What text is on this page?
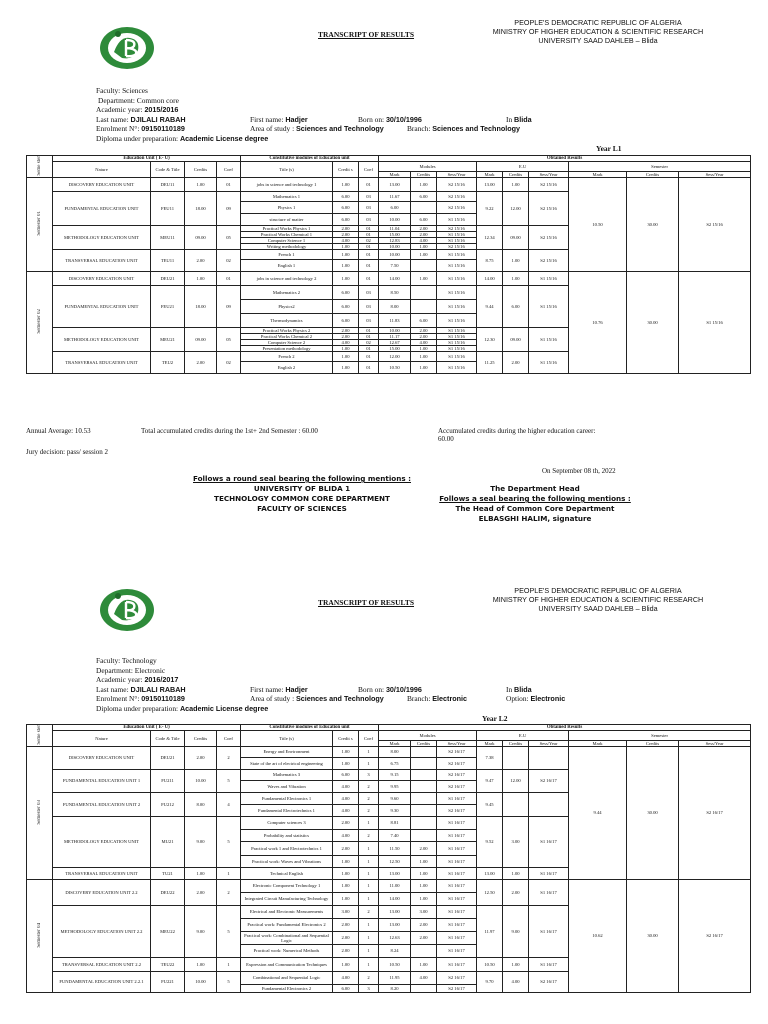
TRANSCRIPT OF RESULTS
PEOPLE'S DEMOCRATIC REPUBLIC OF ALGERIA
MINISTRY OF HIGHER EDUCATION & SCIENTIFIC RESEARCH
UNIVERSITY SAAD DAHLEB – Blida
Faculty: Sciences
Department: Common core
Academic year: 2015/2016
Last name: DJILALI RABAH	First name: Hadjer	Born on: 30/10/1996	In Blida
Enrolment N°: 09150110189	Area of study : Sciences and Technology	Branch: Sciences and Technology
Diploma under preparation: Academic License degree
Year L1
Seme ster	Education Unit ( E- U)				Constitutive modules of Education unit			Obtained Results								
	Nature	Code & Title	Credits	Coef	Title (s)	Credit s	Coef	Modules			E.U			Semester		
								Mark	Credits	Sess/Year	Mark	Credits	Sess/Year	Mark	Credits	Sess/Year
Semester 01	DISCOVERY EDUCATION UNIT	DEU11	1.00	01	jobs in science and technology 1	1.00	01	13.00	1.00	S2 15/16	13.00	1.00	S2 15/16	10.50	30.00	S2 15/16
	FUNDAMENTAL EDUCATION UNIT	FEU11	18.00	09	Mathematics 1	6.00	03	11.67	6.00	S2 15/16	9.22	12.00	S2 15/16			
					Physics 1	6.00	03	6.00		S2 15/16						
					structure of matter	6.00	03	10.00	6.00	S1 15/16						
	METHODOLOGY EDUCATION UNIT	MEU11	09.00	05	Practical Works Physics 1	2.00	01	11.04	2.00	S2 15/16	12.34	09.00	S2 15/16			
					Practical Works Chemical 1	2.00	01	15.00	2.00	S1 15/16						
					Computer Science 1	4.00	02	12.83	4.00	S1 15/16						
					Writing methodology	1.00	01	10.00	1.00	S2 15/16						
	TRANSVERSAL EDUCATION UNIT	TEU11	2.00	02	French 1	1.00	01	10.00	1.00	S1 15/16	8.75	1.00	S2 15/16			
					English 1	1.00	01	7.50		S1 15/16						
Semester 02	DISCOVERY EDUCATION UNIT	DEU21	1.00	01	jobs in science and technology 2	1.00	01	14.00	1.00	S1 15/16	14.00	1.00	S1 15/16	10.76	30.00	S1 15/16
	FUNDAMENTAL EDUCATION UNIT	FEU21	18.00	09	Mathematics 2	6.00	03	8.50		S1 15/16	9.44	6.00	S1 15/16			
					Physics2	6.00	03	8.00		S1 15/16						
					Thermodynamics	6.00	03	11.83	6.00	S1 15/16						
	METHODOLOGY EDUCATION UNIT	MEU21	09.00	05	Practical Works Physics 2	2.00	01	10.00	2.00	S1 15/16	12.30	09.00	S1 15/16			
					Practical Works Chemical 2	2.00	01	11.17	2.00	S1 15/16						
					Computer Science 2	4.00	02	12.67	4.00	S1 15/16						
					Presentation methodology	1.00	01	15.00	1.00	S1 15/16						
	TRANSVERSAL EDUCATION UNIT	TEU2	2.00	02	French 2	1.00	01	12.00	1.00	S1 15/16	11.25	2.00	S1 15/16			
					English 2	1.00	01	10.50	1.00	S1 15/16						
Annual Average: 10.53	Total accumulated credits during the 1st+ 2nd Semester : 60.00	Accumulated credits during the higher education career:
60.00
Jury decision: pass/ session 2
On September 08 th, 2022
Follows a round seal bearing the following mentions :
UNIVERSITY OF BLIDA 1
TECHNOLOGY COMMON CORE DEPARTMENT
FACULTY OF SCIENCES
The Department Head
Follows a seal bearing the following mentions :
The Head of Common Core Department
ELBASGHI HALIM, signature
TRANSCRIPT OF RESULTS
PEOPLE'S DEMOCRATIC REPUBLIC OF ALGERIA
MINISTRY OF HIGHER EDUCATION & SCIENTIFIC RESEARCH
UNIVERSITY SAAD DAHLEB – Blida
Faculty: Technology
Department: Electronic
Academic year: 2016/2017
Last name: DJILALI RABAH	First name: Hadjer	Born on: 30/10/1996	In Blida
Enrolment N°: 09150110189	Area of study : Sciences and Technology	Branch: Electronic	Option: Electronic
Diploma under preparation: Academic License degree
Year L2
Seme ster	Education Unit ( E- U)				Constitutive modules of Education unit			Obtained Results								
	Nature	Code & Title	Credits	Coef	Title (s)	Credit s	Coef	Modules			E.U			Semester		
								Mark	Credits	Sess/Year	Mark	Credits	Sess/Year	Mark	Credits	Sess/Year
Semester 03	DISCOVERY EDUCATION UNIT	DEU21	2.00	2	Energy and Environment	1.00	1	8.00		S2 16/17	7.38			9.44	30.00	S2 16/17
					State of the art of electrical engineering	1.00	1	6.75		S2 16/17						
	FUNDAMENTAL EDUCATION UNIT 1	FU211	10.00	5	Mathematics 3	6.00	3	9.15		S2 16/17	9.47	12.00	S2 16/17			
					Waves and Vibration	4.00	2	9.95		S2 16/17						
	FUNDAMENTAL EDUCATION UNIT 2	FU212	8.00	4	Fundamental Electronics 1	4.00	2	9.60		S1 16/17	9.45					
					Fundamental Electrotechnics 1	4.00	2	9.30		S2 16/17						
	METHODOLOGY EDUCATION UNIT	MU21	9.00	5	Computer sciences 3	2.00	1	8.81		S1 16/17	9.52	3.00	S1 16/17			
					Probability and statistics	4.00	2	7.40		S1 16/17						
					Practical work 1 and Electrotechnics 1	2.00	1	11.50	2.00	S1 16/17						
					Practical work: Waves and Vibrations	1.00	1	12.50	1.00	S1 16/17						
	TRANSVERSAL EDUCATION UNIT	TU21	1.00	1	Technical English	1.00	1	13.00	1.00	S1 16/17	13.00	1.00	S1 16/17			
Semester 04	DISCOVERY EDUCATION UNIT 2.2	DEU22	2.00	2	Electronic Component Technology 1	1.00	1	11.00	1.00	S1 16/17	12.50	2.00	S1 16/17	10.62	30.00	S2 16/17
					Integrated Circuit Manufacturing Technology	1.00	1	14.00	1.00	S1 16/17						
	METHODOLOGY EDUCATION UNIT 2.2	MEU22	9.00	5	Electrical and Electronic Measurements	3.00	2	13.00	3.00	S1 16/17	11.97	9.00	S1 16/17			
					Practical work: Fundamental Electronics 2	2.00	1	13.00	2.00	S1 16/17						
					Practical work: Combinational and Sequential Logic	2.00	1	12.63	2.00	S1 16/17						
					Practical work: Numerical Methods	2.00	1	8.24		S1 16/17						
	TRANSVERSAL EDUCATION UNIT 2.2	TEU22	1.00	1	Expression and Communication Techniques	1.00	1	10.50	1.00	S1 16/17	10.50	1.00	S1 16/17			
	FUNDAMENTAL EDUCATION UNIT 2.2.1	FU221	10.00	5	Combinational and Sequential Logic	4.00	2	11.95	4.00	S2 16/17	9.70	4.00	S2 16/17			
					Fundamental Electronics 2	6.00	3	8.20		S2 16/17						
